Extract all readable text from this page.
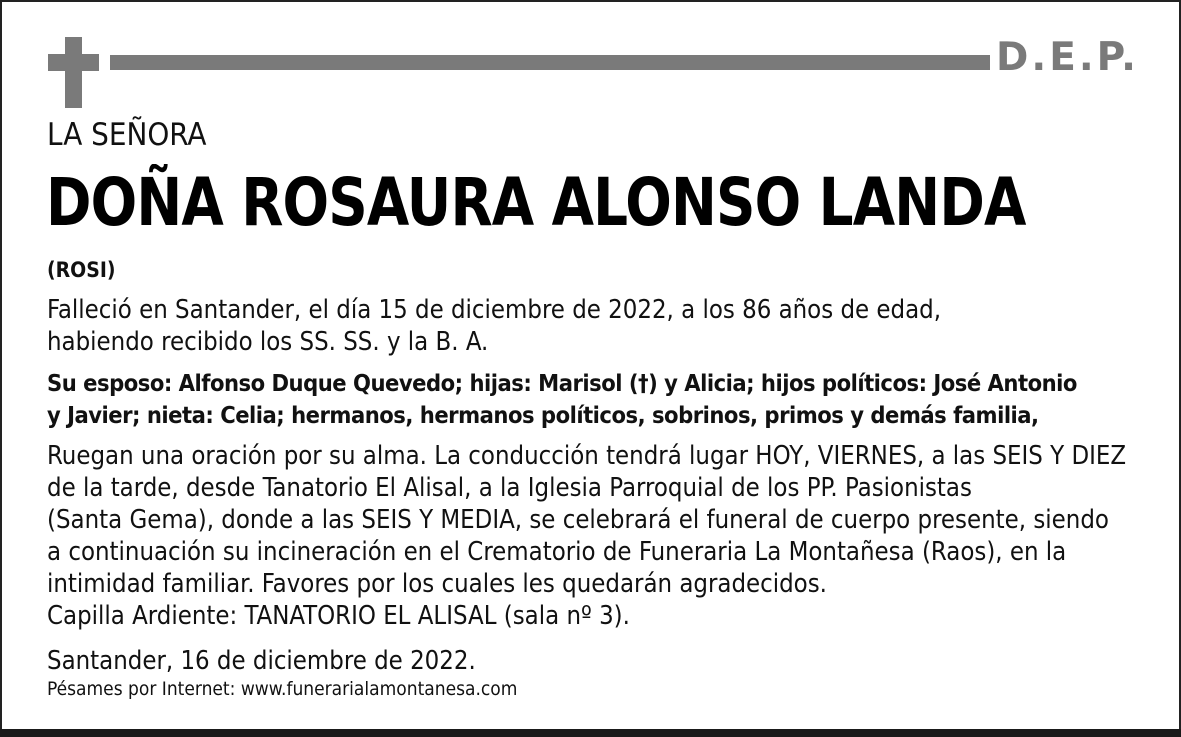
D.E.P.
LA SEÑORA
DOÑA ROSAURA ALONSO LANDA
(ROSI)
Falleció en Santander, el día 15 de diciembre de 2022, a los 86 años de edad,
habiendo recibido los SS. SS. y la B. A.
Su esposo: Alfonso Duque Quevedo; hijas: Marisol (†) y Alicia; hijos políticos: José Antonio
y Javier; nieta: Celia; hermanos, hermanos políticos, sobrinos, primos y demás familia,
Ruegan una oración por su alma. La conducción tendrá lugar HOY, VIERNES, a las SEIS Y DIEZ
de la tarde, desde Tanatorio El Alisal, a la Iglesia Parroquial de los PP. Pasionistas
(Santa Gema), donde a las SEIS Y MEDIA, se celebrará el funeral de cuerpo presente, siendo
a continuación su incineración en el Crematorio de Funeraria La Montañesa (Raos), en la
intimidad familiar. Favores por los cuales les quedarán agradecidos.
Capilla Ardiente: TANATORIO EL ALISAL (sala nº 3).
Santander, 16 de diciembre de 2022.
Pésames por Internet: www.funerarialamontanesa.com
